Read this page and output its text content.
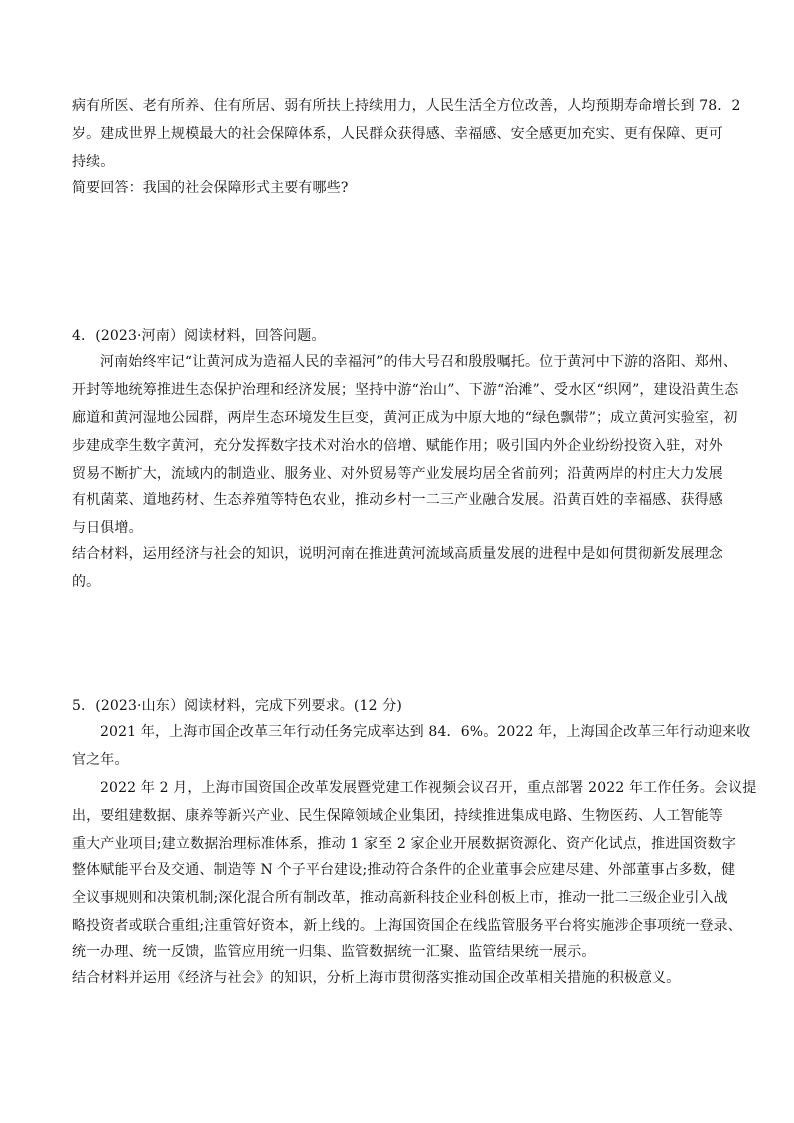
病有所医、老有所养、住有所居、弱有所扶上持续用力，人民生活全方位改善，人均预期寿命增长到 78．2
岁。建成世界上规模最大的社会保障体系，人民群众获得感、幸福感、安全感更加充实、更有保障、更可
持续。
简要回答：我国的社会保障形式主要有哪些?
4．(2023·河南）阅读材料，回答问题。
河南始终牢记“让黄河成为造福人民的幸福河”的伟大号召和殷殷嘱托。位于黄河中下游的洛阳、郑州、
开封等地统筹推进生态保护治理和经济发展；坚持中游“治山”、下游“治滩”、受水区“织网”，建设沿黄生态
廊道和黄河湿地公园群，两岸生态环境发生巨变，黄河正成为中原大地的“绿色飘带”；成立黄河实验室，初
步建成孪生数字黄河，充分发挥数字技术对治水的倍增、赋能作用；吸引国内外企业纷纷投资入驻，对外
贸易不断扩大，流域内的制造业、服务业、对外贸易等产业发展均居全省前列；沿黄两岸的村庄大力发展
有机菌菜、道地药材、生态养殖等特色农业，推动乡村一二三产业融合发展。沿黄百姓的幸福感、获得感
与日俱增。
结合材料，运用经济与社会的知识，说明河南在推进黄河流域高质量发展的进程中是如何贯彻新发展理念
的。
5．(2023·山东）阅读材料，完成下列要求。(12 分)
2021 年，上海市国企改革三年行动任务完成率达到 84．6%。2022 年，上海国企改革三年行动迎来收
官之年。
2022 年 2 月，上海市国资国企改革发展暨党建工作视频会议召开，重点部署 2022 年工作任务。会议提
出，要组建数据、康养等新兴产业、民生保障领域企业集团，持续推进集成电路、生物医药、人工智能等
重大产业项目;建立数据治理标准体系，推动 1 家至 2 家企业开展数据资源化、资产化试点，推进国资数字
整体赋能平台及交通、制造等 N 个子平台建设;推动符合条件的企业董事会应建尽建、外部董事占多数，健
全议事规则和决策机制;深化混合所有制改革，推动高新科技企业科创板上市，推动一批二三级企业引入战
略投资者或联合重组;注重管好资本，新上线的。上海国资国企在线监管服务平台将实施涉企事项统一登录、
统一办理、统一反馈，监管应用统一归集、监管数据统一汇聚、监管结果统一展示。
结合材料并运用《经济与社会》的知识，分析上海市贯彻落实推动国企改革相关措施的积极意义。
